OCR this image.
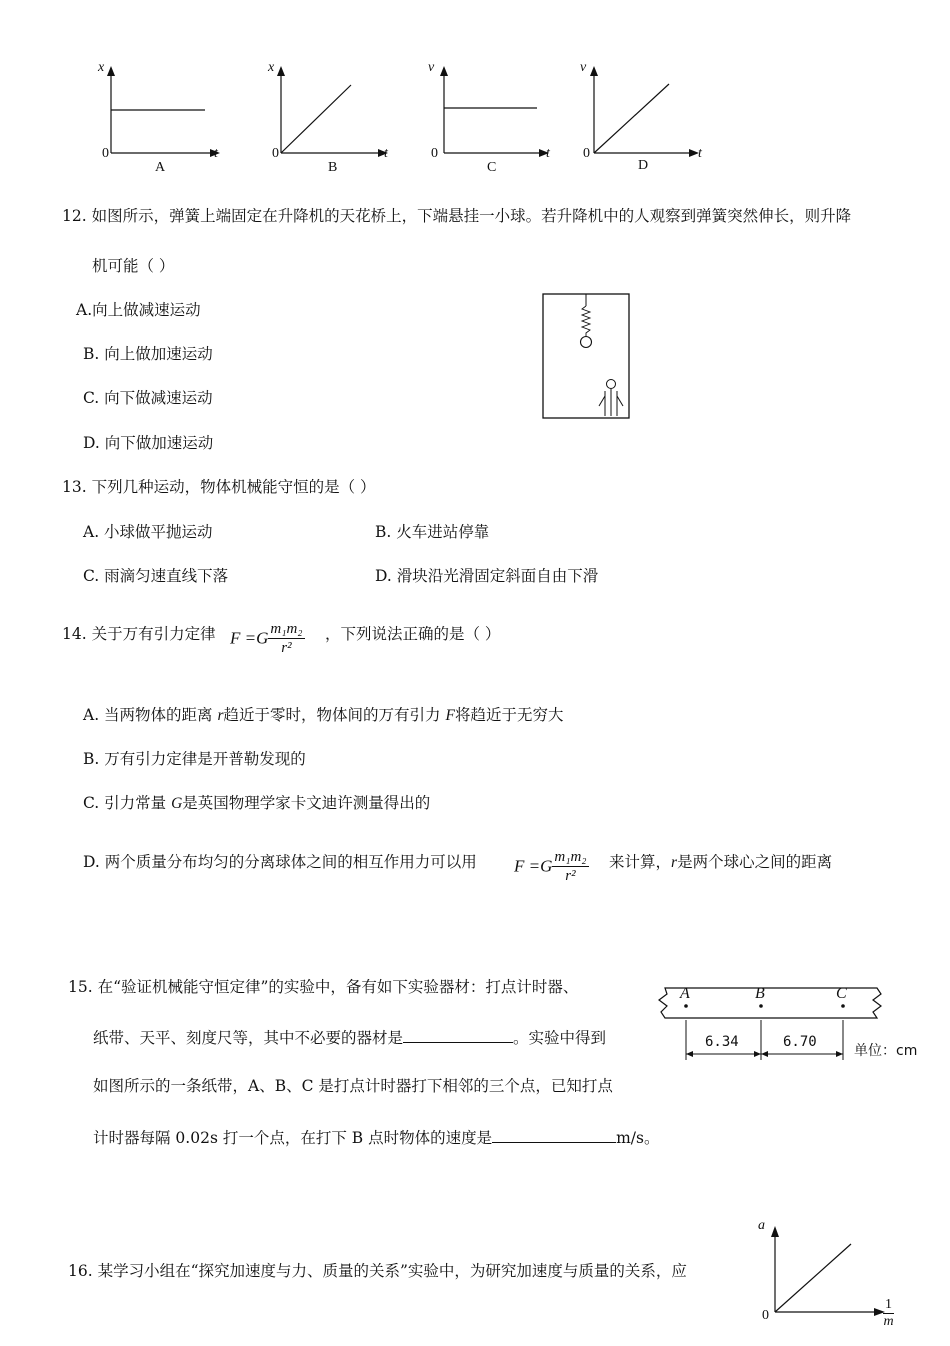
x
0	t
A
x
0	t
B
v
0	t
C
v
0	t
D
12. 如图所示，弹簧上端固定在升降机的天花桥上，下端悬挂一小球。若升降机中的人观察到弹簧突然伸长，则升降
机可能（ ）
A.向上做减速运动
B. 向上做加速运动
C. 向下做减速运动
D. 向下做加速运动
13. 下列几种运动，物体机械能守恒的是（ ）
A. 小球做平抛运动	B. 火车进站停靠
C. 雨滴匀速直线下落	D. 滑块沿光滑固定斜面自由下滑
14. 关于万有引力定律 $F =G \frac{\text{m₁m₂}}{\text{r²}}$ ，下列说法正确的是（ ）
A. 当两物体的距离 r趋近于零时，物体间的万有引力 F将趋近于无穷大
B. 万有引力定律是开普勒发现的
C. 引力常量 G是英国物理学家卡文迪许测量得出的
D. 两个质量分布均匀的分离球体之间的相互作用力可以用 $F =G \frac{\text{m₁m₂}}{\text{r²}}$ 来计算，r是两个球心之间的距离
15. 在“验证机械能守恒定律”的实验中，备有如下实验器材：打点计时器、
纸带、天平、刻度尺等，其中不必要的器材是	。实验中得到
如图所示的一条纸带，A、B、C 是打点计时器打下相邻的三个点，已知打点
计时器每隔 0.02s 打一个点，在打下 B 点时物体的速度是	m/s。
A	B	C
6.34	6.70
单位：cm
16. 某学习小组在“探究加速度与力、质量的关系”实验中，为研究加速度与质量的关系，应
a
0	$\frac{1}{m}$
